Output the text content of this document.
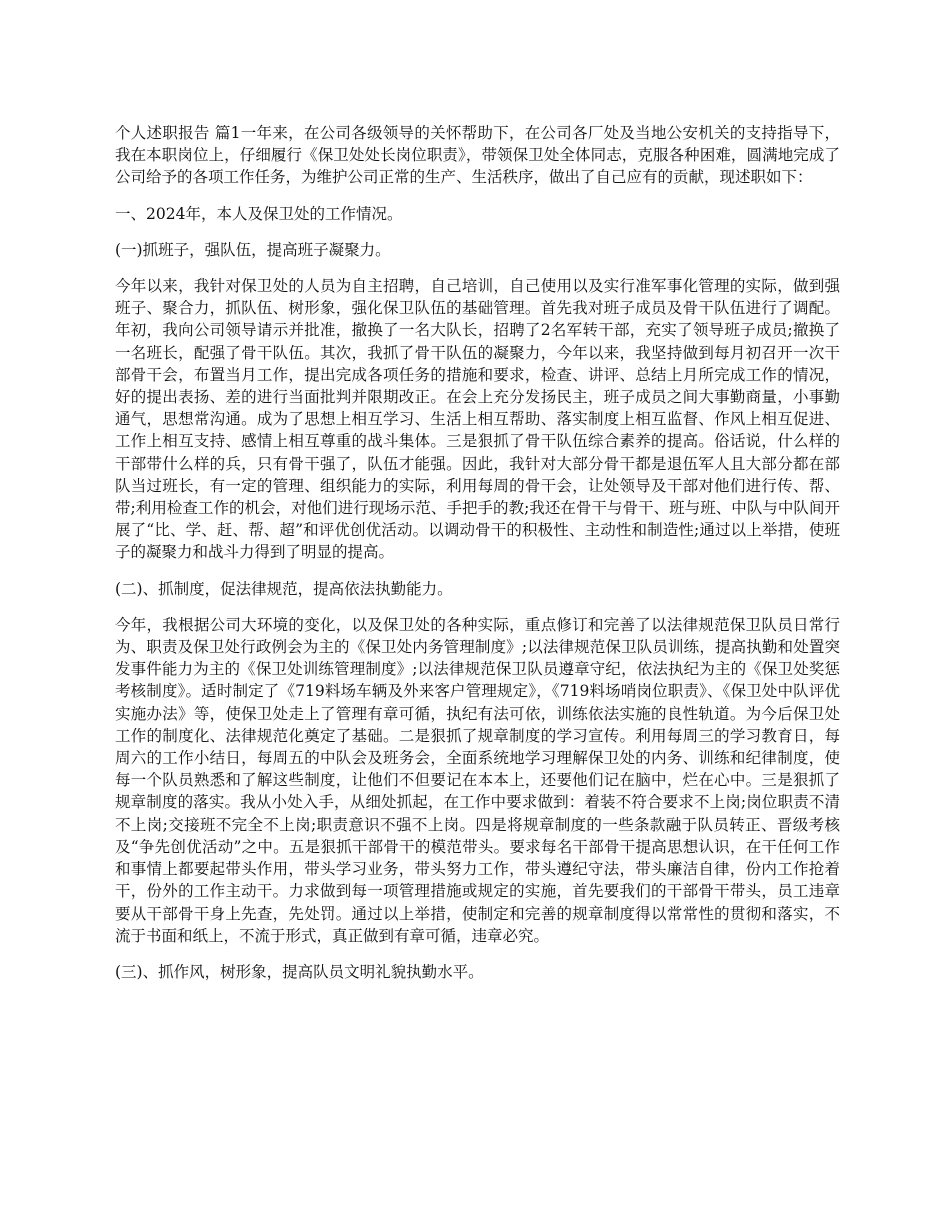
个人述职报告 篇1一年来，在公司各级领导的关怀帮助下，在公司各厂处及当地公安机关的支持指导下，我在本职岗位上，仔细履行《保卫处处长岗位职责》，带领保卫处全体同志，克服各种困难，圆满地完成了公司给予的各项工作任务，为维护公司正常的生产、生活秩序，做出了自己应有的贡献，现述职如下：

一、2024年，本人及保卫处的工作情况。

(一)抓班子，强队伍，提高班子凝聚力。

今年以来，我针对保卫处的人员为自主招聘，自己培训，自己使用以及实行准军事化管理的实际，做到强班子、聚合力，抓队伍、树形象，强化保卫队伍的基础管理。首先我对班子成员及骨干队伍进行了调配。年初，我向公司领导请示并批准，撤换了一名大队长，招聘了2名军转干部，充实了领导班子成员;撤换了一名班长，配强了骨干队伍。其次，我抓了骨干队伍的凝聚力，今年以来，我坚持做到每月初召开一次干部骨干会，布置当月工作，提出完成各项任务的措施和要求，检查、讲评、总结上月所完成工作的情况，好的提出表扬、差的进行当面批判并限期改正。在会上充分发扬民主，班子成员之间大事勤商量，小事勤通气，思想常沟通。成为了思想上相互学习、生活上相互帮助、落实制度上相互监督、作风上相互促进、工作上相互支持、感情上相互尊重的战斗集体。三是狠抓了骨干队伍综合素养的提高。俗话说，什么样的干部带什么样的兵，只有骨干强了，队伍才能强。因此，我针对大部分骨干都是退伍军人且大部分都在部队当过班长，有一定的管理、组织能力的实际，利用每周的骨干会，让处领导及干部对他们进行传、帮、带;利用检查工作的机会，对他们进行现场示范、手把手的教;我还在骨干与骨干、班与班、中队与中队间开展了“比、学、赶、帮、超”和评优创优活动。以调动骨干的积极性、主动性和制造性;通过以上举措，使班子的凝聚力和战斗力得到了明显的提高。

(二)、抓制度，促法律规范，提高依法执勤能力。

今年，我根据公司大环境的变化，以及保卫处的各种实际，重点修订和完善了以法律规范保卫队员日常行为、职责及保卫处行政例会为主的《保卫处内务管理制度》;以法律规范保卫队员训练，提高执勤和处置突发事件能力为主的《保卫处训练管理制度》;以法律规范保卫队员遵章守纪，依法执纪为主的《保卫处奖惩考核制度》。适时制定了《719料场车辆及外来客户管理规定》，《719料场哨岗位职责》、《保卫处中队评优实施办法》等，使保卫处走上了管理有章可循，执纪有法可依，训练依法实施的良性轨道。为今后保卫处工作的制度化、法律规范化奠定了基础。二是狠抓了规章制度的学习宣传。利用每周三的学习教育日，每周六的工作小结日，每周五的中队会及班务会，全面系统地学习理解保卫处的内务、训练和纪律制度，使每一个队员熟悉和了解这些制度，让他们不但要记在本本上，还要他们记在脑中，烂在心中。三是狠抓了规章制度的落实。我从小处入手，从细处抓起，在工作中要求做到：着装不符合要求不上岗;岗位职责不清不上岗;交接班不完全不上岗;职责意识不强不上岗。四是将规章制度的一些条款融于队员转正、晋级考核及“争先创优活动”之中。五是狠抓干部骨干的模范带头。要求每名干部骨干提高思想认识，在干任何工作和事情上都要起带头作用，带头学习业务，带头努力工作，带头遵纪守法，带头廉洁自律，份内工作抢着干，份外的工作主动干。力求做到每一项管理措施或规定的实施，首先要我们的干部骨干带头，员工违章要从干部骨干身上先查，先处罚。通过以上举措，使制定和完善的规章制度得以常常性的贯彻和落实，不流于书面和纸上，不流于形式，真正做到有章可循，违章必究。

(三)、抓作风，树形象，提高队员文明礼貌执勤水平。
